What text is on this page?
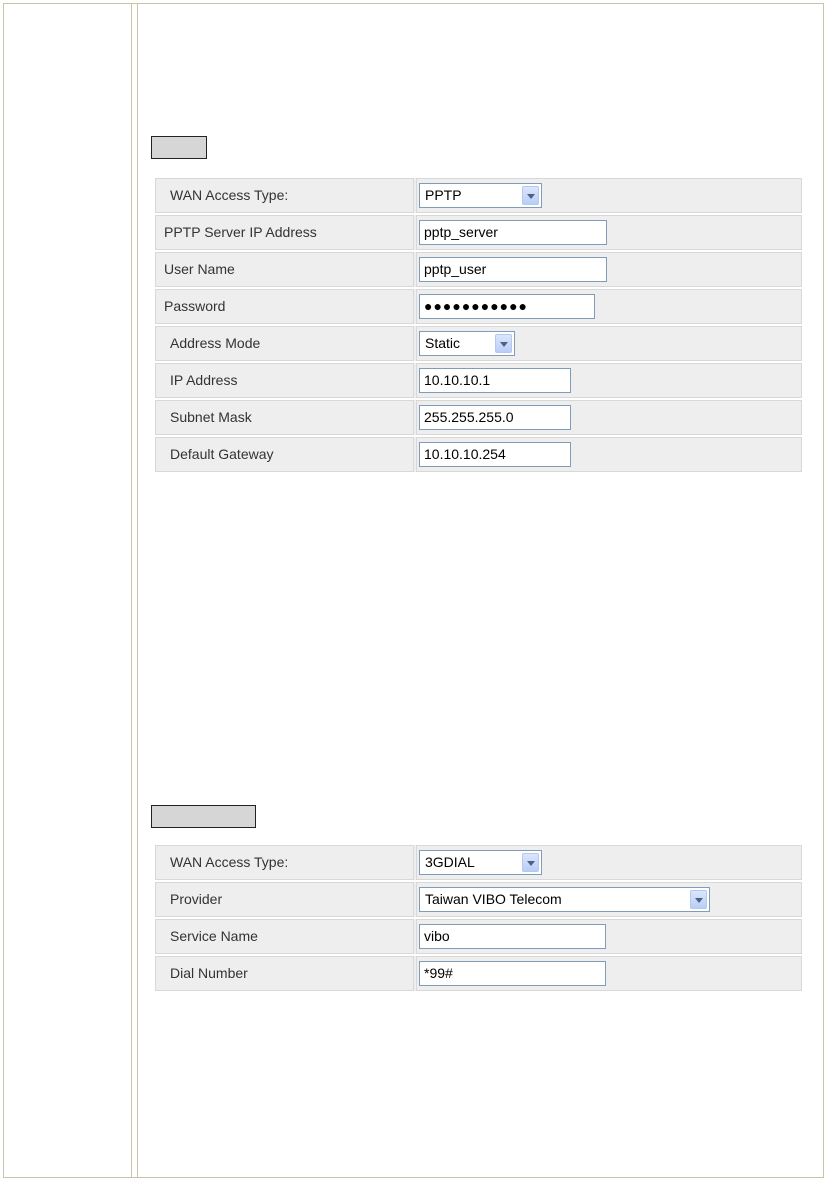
WAN Access Type:	PPTP
PPTP Server IP Address	pptp_server
User Name	pptp_user
Password	●●●●●●●●●●●
Address Mode	Static
IP Address	10.10.10.1
Subnet Mask	255.255.255.0
Default Gateway	10.10.10.254
WAN Access Type:	3GDIAL
Provider	Taiwan VIBO Telecom
Service Name	vibo
Dial Number	*99#
